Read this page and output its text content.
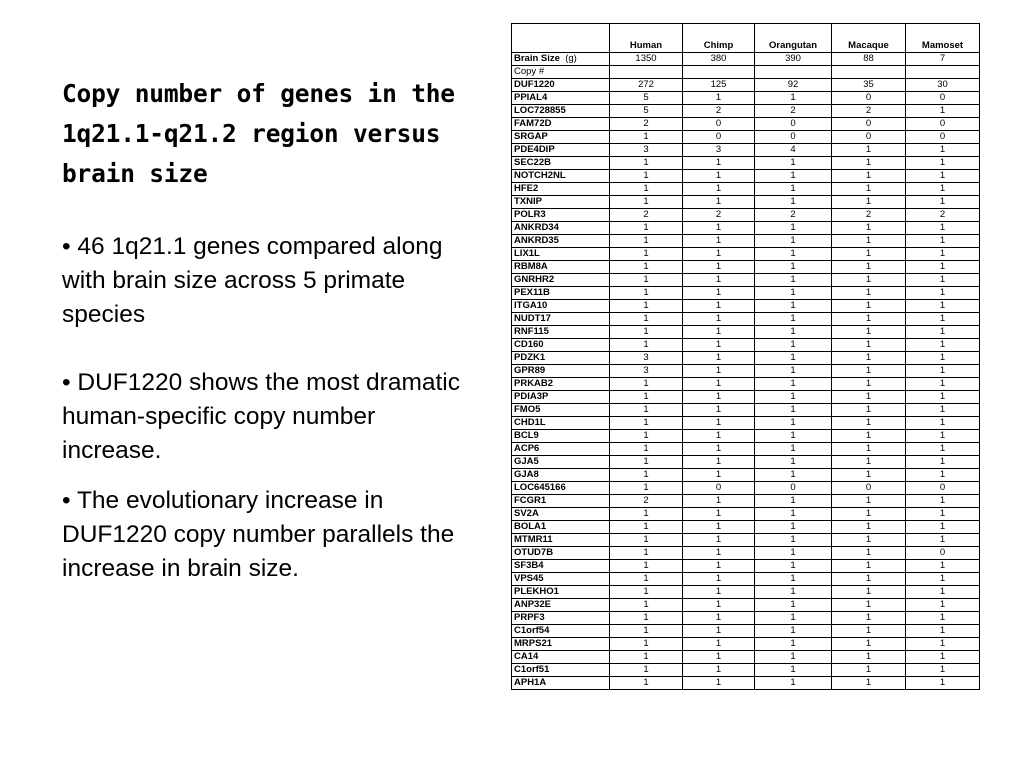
Copy number of genes in the 1q21.1-q21.2 region versus brain size

• 46 1q21.1 genes compared along with brain size across 5 primate species

• DUF1220 shows the most dramatic human-specific copy number increase.

• The evolutionary increase in DUF1220 copy number parallels the increase in brain size.

	Human	Chimp	Orangutan	Macaque	Mamoset
Brain Size (g)	1350	380	390	88	7
Copy #					
DUF1220	272	125	92	35	30
PPIAL4	5	1	1	0	0
LOC728855	5	2	2	2	1
FAM72D	2	0	0	0	0
SRGAP	1	0	0	0	0
PDE4DIP	3	3	4	1	1
SEC22B	1	1	1	1	1
NOTCH2NL	1	1	1	1	1
HFE2	1	1	1	1	1
TXNIP	1	1	1	1	1
POLR3	2	2	2	2	2
ANKRD34	1	1	1	1	1
ANKRD35	1	1	1	1	1
LIX1L	1	1	1	1	1
RBM8A	1	1	1	1	1
GNRHR2	1	1	1	1	1
PEX11B	1	1	1	1	1
ITGA10	1	1	1	1	1
NUDT17	1	1	1	1	1
RNF115	1	1	1	1	1
CD160	1	1	1	1	1
PDZK1	3	1	1	1	1
GPR89	3	1	1	1	1
PRKAB2	1	1	1	1	1
PDIA3P	1	1	1	1	1
FMO5	1	1	1	1	1
CHD1L	1	1	1	1	1
BCL9	1	1	1	1	1
ACP6	1	1	1	1	1
GJA5	1	1	1	1	1
GJA8	1	1	1	1	1
LOC645166	1	0	0	0	0
FCGR1	2	1	1	1	1
SV2A	1	1	1	1	1
BOLA1	1	1	1	1	1
MTMR11	1	1	1	1	1
OTUD7B	1	1	1	1	0
SF3B4	1	1	1	1	1
VPS45	1	1	1	1	1
PLEKHO1	1	1	1	1	1
ANP32E	1	1	1	1	1
PRPF3	1	1	1	1	1
C1orf54	1	1	1	1	1
MRPS21	1	1	1	1	1
CA14	1	1	1	1	1
C1orf51	1	1	1	1	1
APH1A	1	1	1	1	1
